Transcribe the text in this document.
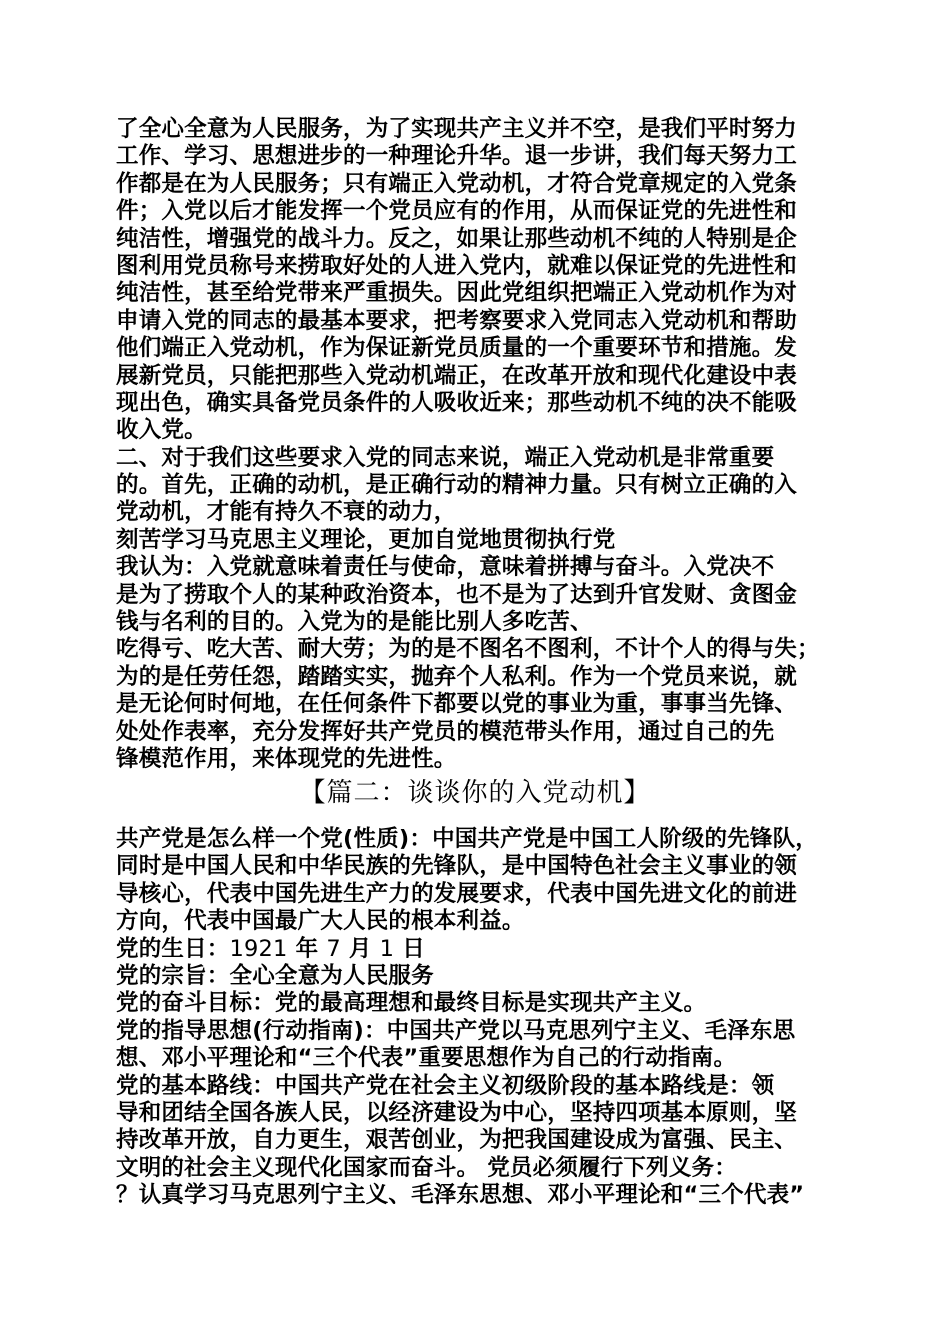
了全心全意为人民服务，为了实现共产主义并不空，是我们平时努力
工作、学习、思想进步的一种理论升华。退一步讲，我们每天努力工
作都是在为人民服务；只有端正入党动机，才符合党章规定的入党条
件；入党以后才能发挥一个党员应有的作用，从而保证党的先进性和
纯洁性，增强党的战斗力。反之，如果让那些动机不纯的人特别是企
图利用党员称号来捞取好处的人进入党内，就难以保证党的先进性和
纯洁性，甚至给党带来严重损失。因此党组织把端正入党动机作为对
申请入党的同志的最基本要求，把考察要求入党同志入党动机和帮助
他们端正入党动机，作为保证新党员质量的一个重要环节和措施。发
展新党员，只能把那些入党动机端正，在改革开放和现代化建设中表
现出色，确实具备党员条件的人吸收近来；那些动机不纯的决不能吸
收入党。
二、对于我们这些要求入党的同志来说，端正入党动机是非常重要
的。首先，正确的动机，是正确行动的精神力量。只有树立正确的入
党动机，才能有持久不衰的动力，
刻苦学习马克思主义理论，更加自觉地贯彻执行党
我认为：入党就意味着责任与使命，意味着拼搏与奋斗。入党决不
是为了捞取个人的某种政治资本，也不是为了达到升官发财、贪图金
钱与名利的目的。入党为的是能比别人多吃苦、
吃得亏、吃大苦、耐大劳；为的是不图名不图利，不计个人的得与失；
为的是任劳任怨，踏踏实实，抛弃个人私利。作为一个党员来说，就
是无论何时何地，在任何条件下都要以党的事业为重，事事当先锋、
处处作表率，充分发挥好共产党员的模范带头作用，通过自己的先
锋模范作用，来体现党的先进性。
【篇二：谈谈你的入党动机】
共产党是怎么样一个党(性质)：中国共产党是中国工人阶级的先锋队，
同时是中国人民和中华民族的先锋队，是中国特色社会主义事业的领
导核心，代表中国先进生产力的发展要求，代表中国先进文化的前进
方向，代表中国最广大人民的根本利益。
党的生日：1921 年 7 月 1 日
党的宗旨：全心全意为人民服务
党的奋斗目标：党的最高理想和最终目标是实现共产主义。
党的指导思想(行动指南)：中国共产党以马克思列宁主义、毛泽东思
想、邓小平理论和“三个代表”重要思想作为自己的行动指南。
党的基本路线：中国共产党在社会主义初级阶段的基本路线是：领
导和团结全国各族人民，以经济建设为中心，坚持四项基本原则，坚
持改革开放，自力更生，艰苦创业，为把我国建设成为富强、民主、
文明的社会主义现代化国家而奋斗。 党员必须履行下列义务：
？认真学习马克思列宁主义、毛泽东思想、邓小平理论和“三个代表”
